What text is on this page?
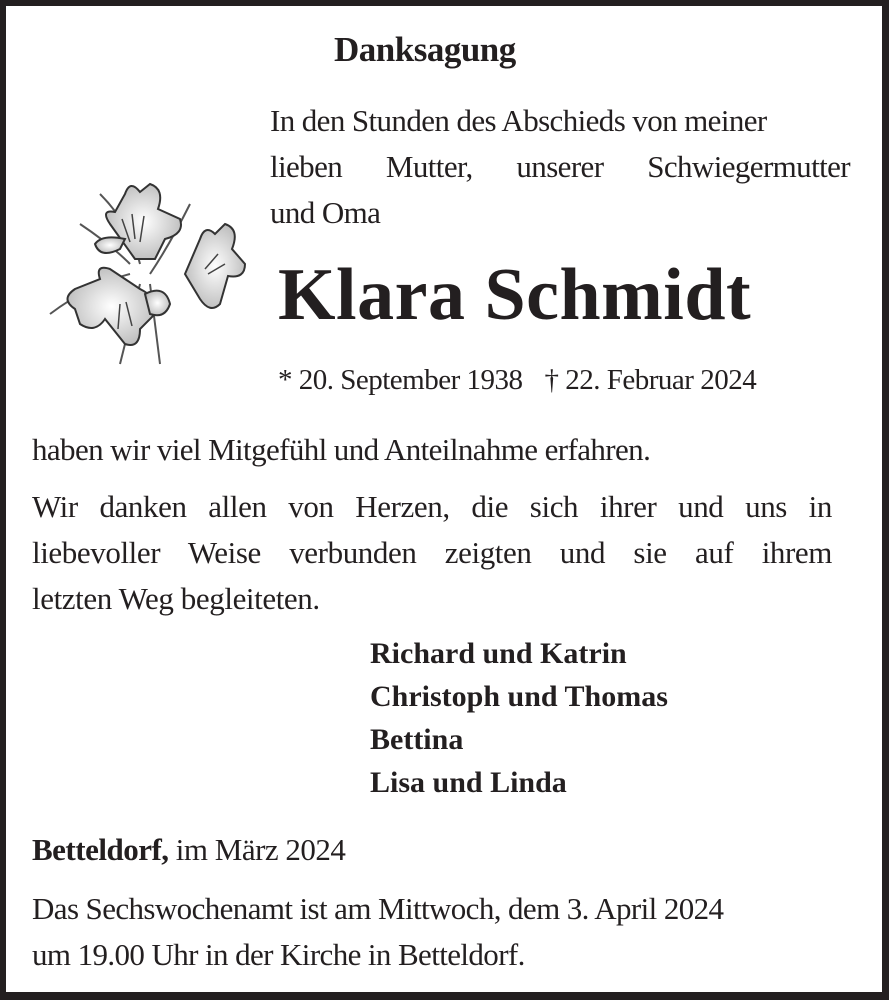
Danksagung
In den Stunden des Abschieds von meiner
lieben Mutter, unserer Schwiegermutter
und Oma
Klara Schmidt
* 20. September 1938 † 22. Februar 2024
haben wir viel Mitgefühl und Anteilnahme erfahren.
Wir danken allen von Herzen, die sich ihrer und uns in
liebevoller Weise verbunden zeigten und sie auf ihrem
letzten Weg begleiteten.
Richard und Katrin
Christoph und Thomas
Bettina
Lisa und Linda
Betteldorf, im März 2024
Das Sechswochenamt ist am Mittwoch, dem 3. April 2024
um 19.00 Uhr in der Kirche in Betteldorf.
